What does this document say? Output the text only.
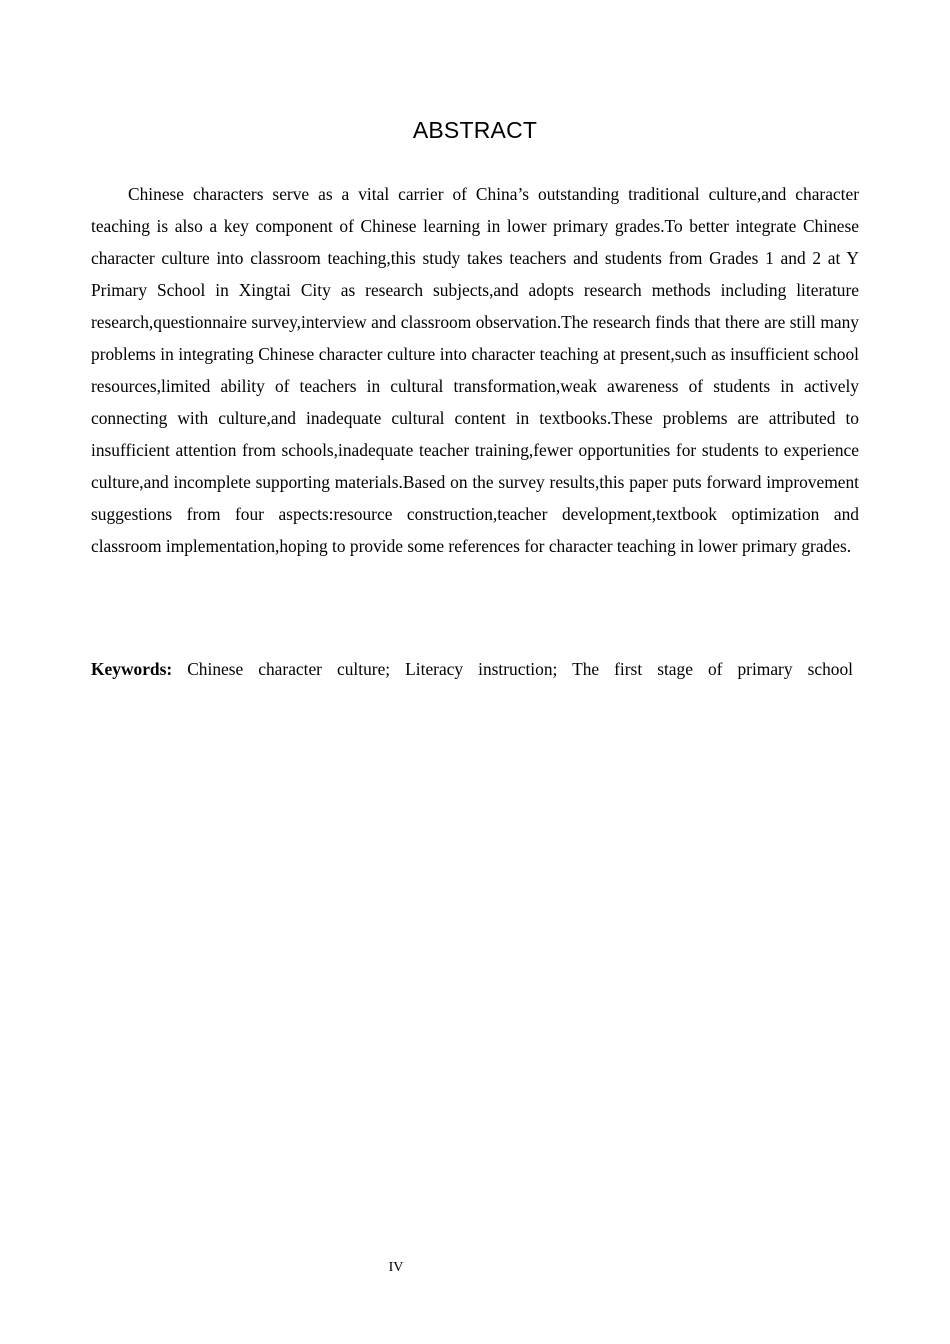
ABSTRACT

Chinese characters serve as a vital carrier of China’s outstanding traditional culture,and character teaching is also a key component of Chinese learning in lower primary grades.To better integrate Chinese character culture into classroom teaching,this study takes teachers and students from Grades 1 and 2 at Y Primary School in Xingtai City as research subjects,and adopts research methods including literature research,questionnaire survey,interview and classroom observation.The research finds that there are still many problems in integrating Chinese character culture into character teaching at present,such as insufficient school resources,limited ability of teachers in cultural transformation,weak awareness of students in actively connecting with culture,and inadequate cultural content in textbooks.These problems are attributed to insufficient attention from schools,inadequate teacher training,fewer opportunities for students to experience culture,and incomplete supporting materials.Based on the survey results,this paper puts forward improvement suggestions from four aspects:resource construction,teacher development,textbook optimization and classroom implementation,hoping to provide some references for character teaching in lower primary grades.

Keywords: Chinese character culture; Literacy instruction; The first stage of primary school

IV
